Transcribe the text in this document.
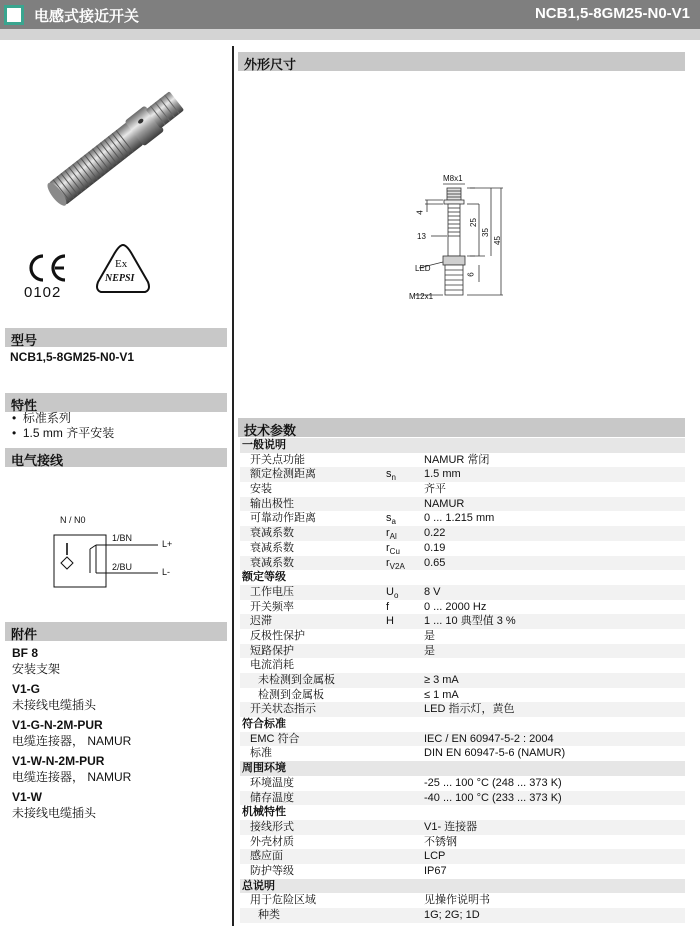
电感式接近开关	NCB1,5-8GM25-N0-V1
0102
Ex
NEPSI
型号
NCB1,5-8GM25-N0-V1
特性
•  标准系列
•  1.5 mm 齐平安装
电气接线
N / N0
1/BN
2/BU
L+
L-
附件
BF 8
安装支架
V1-G
未接线电缆插头
V1-G-N-2M-PUR
电缆连接器， NAMUR
V1-W-N-2M-PUR
电缆连接器， NAMUR
V1-W
未接线电缆插头
外形尺寸
M8x1
4
25
35
45
13
LED
6
M12x1
技术参数
一般说明
开关点功能	NAMUR 常闭
额定检测距离	$s_n$	1.5 mm
安装	齐平
输出极性	NAMUR
可靠动作距离	$s_a$	0 ... 1.215 mm
衰减系数	$r_{Al}$ 0.22
衰减系数	$r_{Cu}$ 0.19
衰减系数	$r_{V2A}$ 0.65
额定等级
工作电压	$U_o$ 8 V
开关频率	f	0 ... 2000 Hz
迟滞	H	1 ... 10 典型值 3 %
反极性保护	是
短路保护	是
电流消耗
未检测到金属板	≥ 3 mA
检测到金属板	≤ 1 mA
开关状态指示	LED 指示灯，黄色
符合标准
EMC 符合	IEC / EN 60947-5-2 : 2004
标准	DIN EN 60947-5-6 (NAMUR)
周围环境
环境温度	-25 ... 100 °C (248 ... 373 K)
储存温度	-40 ... 100 °C (233 ... 373 K)
机械特性
接线形式	V1- 连接器
外壳材质	不锈钢
感应面	LCP
防护等级	IP67
总说明
用于危险区域	见操作说明书
种类	1G; 2G; 1D
